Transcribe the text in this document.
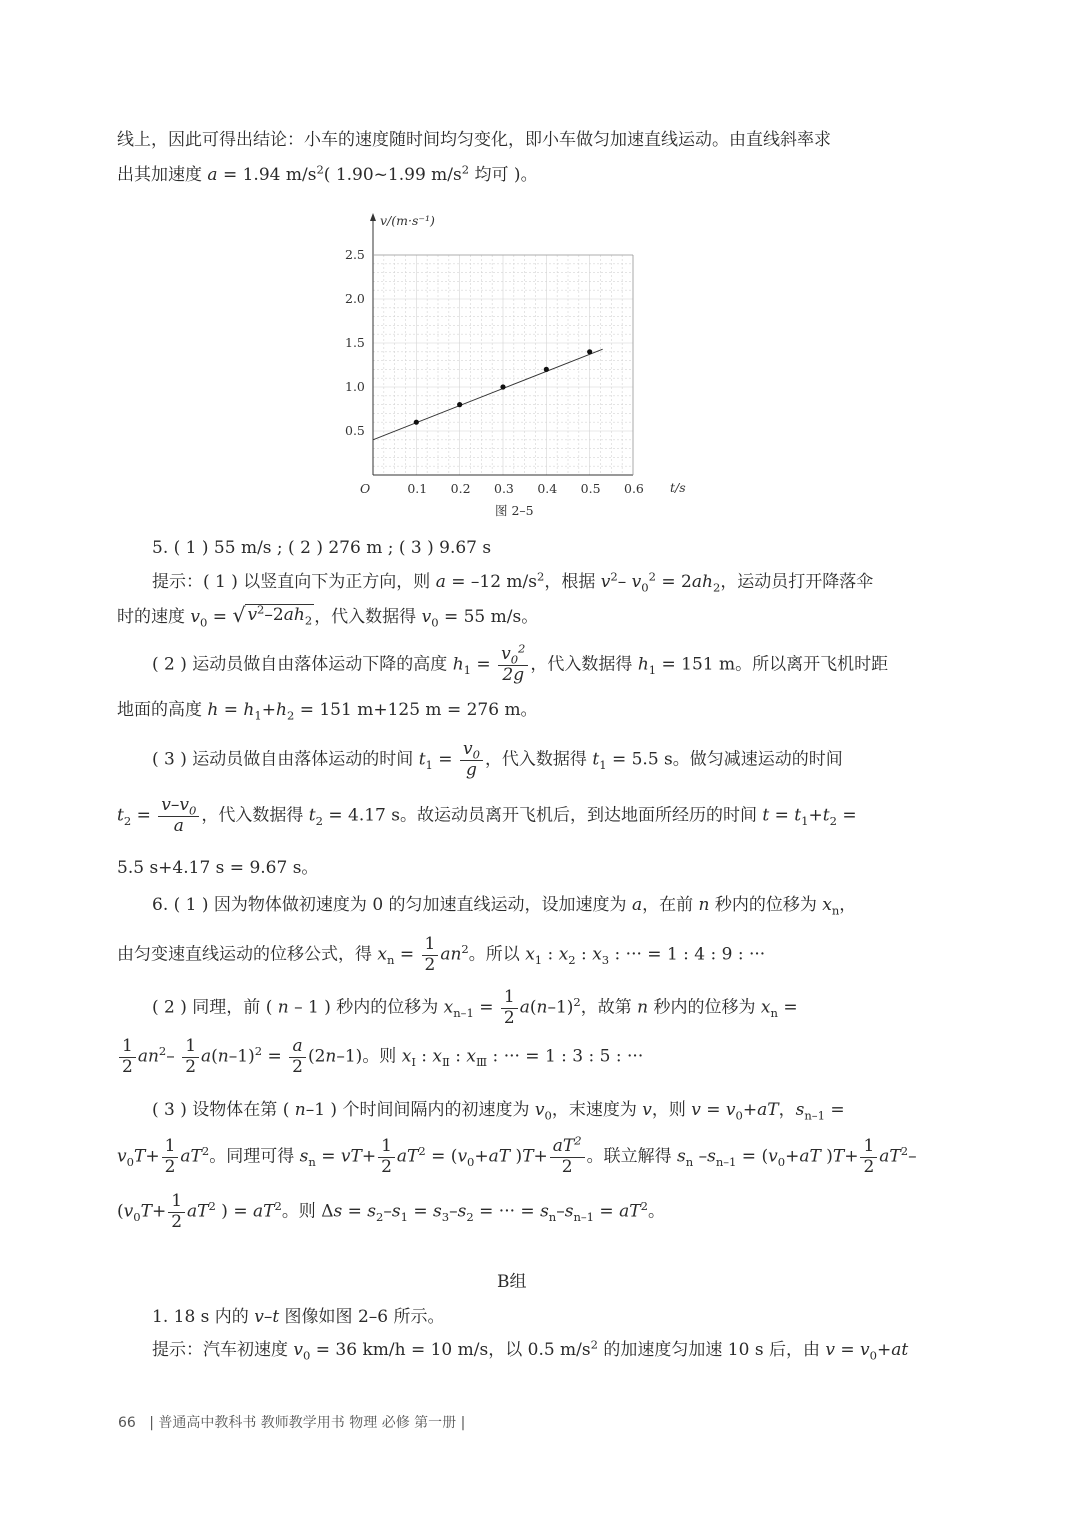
线上，因此可得出结论：小车的速度随时间均匀变化，即小车做匀加速直线运动。由直线斜率求
出其加速度 a = 1.94 $m/s^2$( 1.90~1.99 $m/s^2$ 均可 )。
0.1 0.2 0.3 0.4 0.5 0.6
0.5
1.0
1.5
2.0
2.5
v/(m·s⁻¹)
t/s
O
图 2–5
5. ( 1 ) 55 m/s ; ( 2 ) 276 m ; ( 3 ) 9.67 s
提示：( 1 ) 以竖直向下为正方向，则 a = –12 $m/s^2$，根据 $v^2-$ $v_0^2 = 2ah_2$，运动员打开降落伞
时的速度 $v_0$ = √ $v^2-2ah_2$ ，代入数据得 $v_0 = 55$ m/s。
( 2 ) 运动员做自由落体运动下降的高度 $h_1 = \frac{v_0^2}{2g}$ ，代入数据得 $h_1 = 151$ m。所以离开飞机时距
地面的高度 $h = h_1+h_2 = 151$ m+125 m = 276 m。
( 3 ) 运动员做自由落体运动的时间 $t_1 = \frac{v_0}{g}$ ，代入数据得 $t_1 = 5.5$ s。做匀减速运动的时间
$t_2 = \frac{v-v_0}{a}$ ，代入数据得 $t_2 = 4.17$ s。故运动员离开飞机后，到达地面所经历的时间 $t = t_1+t_2$ =
5.5 s+4.17 s = 9.67 s。
6. ( 1 ) 因为物体做初速度为 0 的匀加速直线运动，设加速度为 a，在前 n 秒内的位移为 $x_n$，
由匀变速直线运动的位移公式，得 $x_n = \frac{1}{2} an^2$。所以 $x_1$ : $x_2$ : $x_3$ : ··· = 1 : 4 : 9 : ···
( 2 ) 同理，前 ( n – 1 ) 秒内的位移为 $x_{n-1} = \frac{1}{2} a(n-1)^2$，故第 n 秒内的位移为 $x_n$ =
$\frac{1}{2} an^2- \frac{1}{2} a(n-1)^2 = \frac{a}{2} (2n-1)$。则 $x_Ⅰ$ : $x_Ⅱ$ : $x_Ⅲ$ : ··· = 1 : 3 : 5 : ···
( 3 ) 设物体在第 ( n–1 ) 个时间间隔内的初速度为 $v_0$，末速度为 v，则 $v = v_0+aT$，$s_{n-1}$ =
$v_0T+ \frac{1}{2} aT^2$。同理可得 $s_n = vT+ \frac{1}{2} aT^2 = (v_0+aT$ )$T+ \frac{aT^2}{2}$ 。联立解得 $s_n$ $-s_{n-1} = (v_0+aT$ )$T+ \frac{1}{2} aT^2-$
($v_0T+ \frac{1}{2} aT^2$ ) = $aT^2$。则 $\Delta s = s_2-s_1 = s_3-s_2$ = ··· = $s_n-s_{n-1} = aT^2$。
B组
1. 18 s 内的 v–t 图像如图 2–6 所示。
提示：汽车初速度 $v_0 = 36$ km/h = 10 m/s，以 0.5 $m/s^2$ 的加速度匀加速 10 s 后，由 $v = v_0+at$
66 | 普通高中教科书 教师教学用书 物理 必修 第一册 |
